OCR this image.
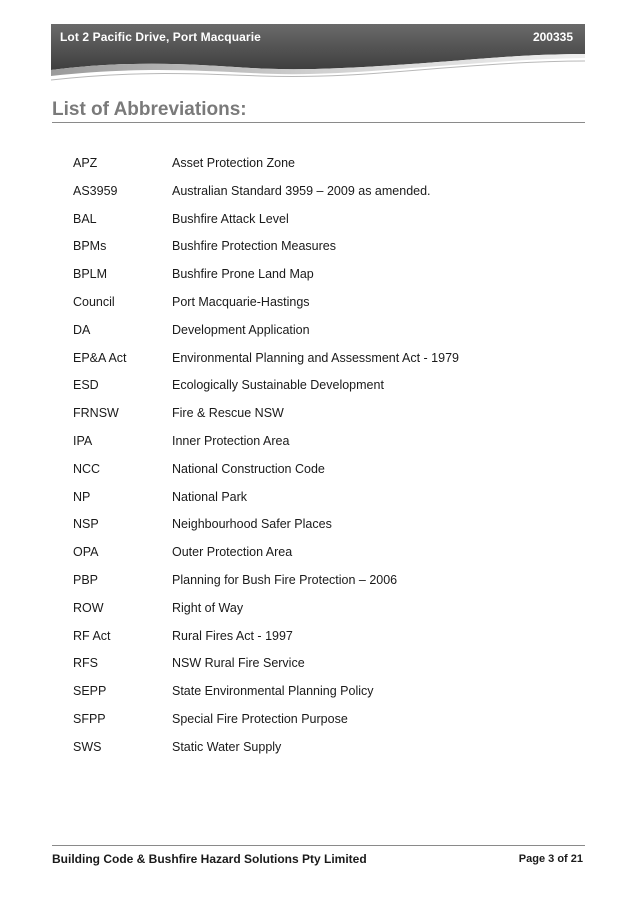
Lot 2 Pacific Drive, Port Macquarie	200335
List of Abbreviations:
APZ	Asset Protection Zone
AS3959	Australian Standard 3959 – 2009 as amended.
BAL	Bushfire Attack Level
BPMs	Bushfire Protection Measures
BPLM	Bushfire Prone Land Map
Council	Port Macquarie-Hastings
DA	Development Application
EP&A Act	Environmental Planning and Assessment Act - 1979
ESD	Ecologically Sustainable Development
FRNSW	Fire & Rescue NSW
IPA	Inner Protection Area
NCC	National Construction Code
NP	National Park
NSP	Neighbourhood Safer Places
OPA	Outer Protection Area
PBP	Planning for Bush Fire Protection – 2006
ROW	Right of Way
RF Act	Rural Fires Act - 1997
RFS	NSW Rural Fire Service
SEPP	State Environmental Planning Policy
SFPP	Special Fire Protection Purpose
SWS	Static Water Supply
Building Code & Bushfire Hazard Solutions Pty Limited	Page 3 of 21
